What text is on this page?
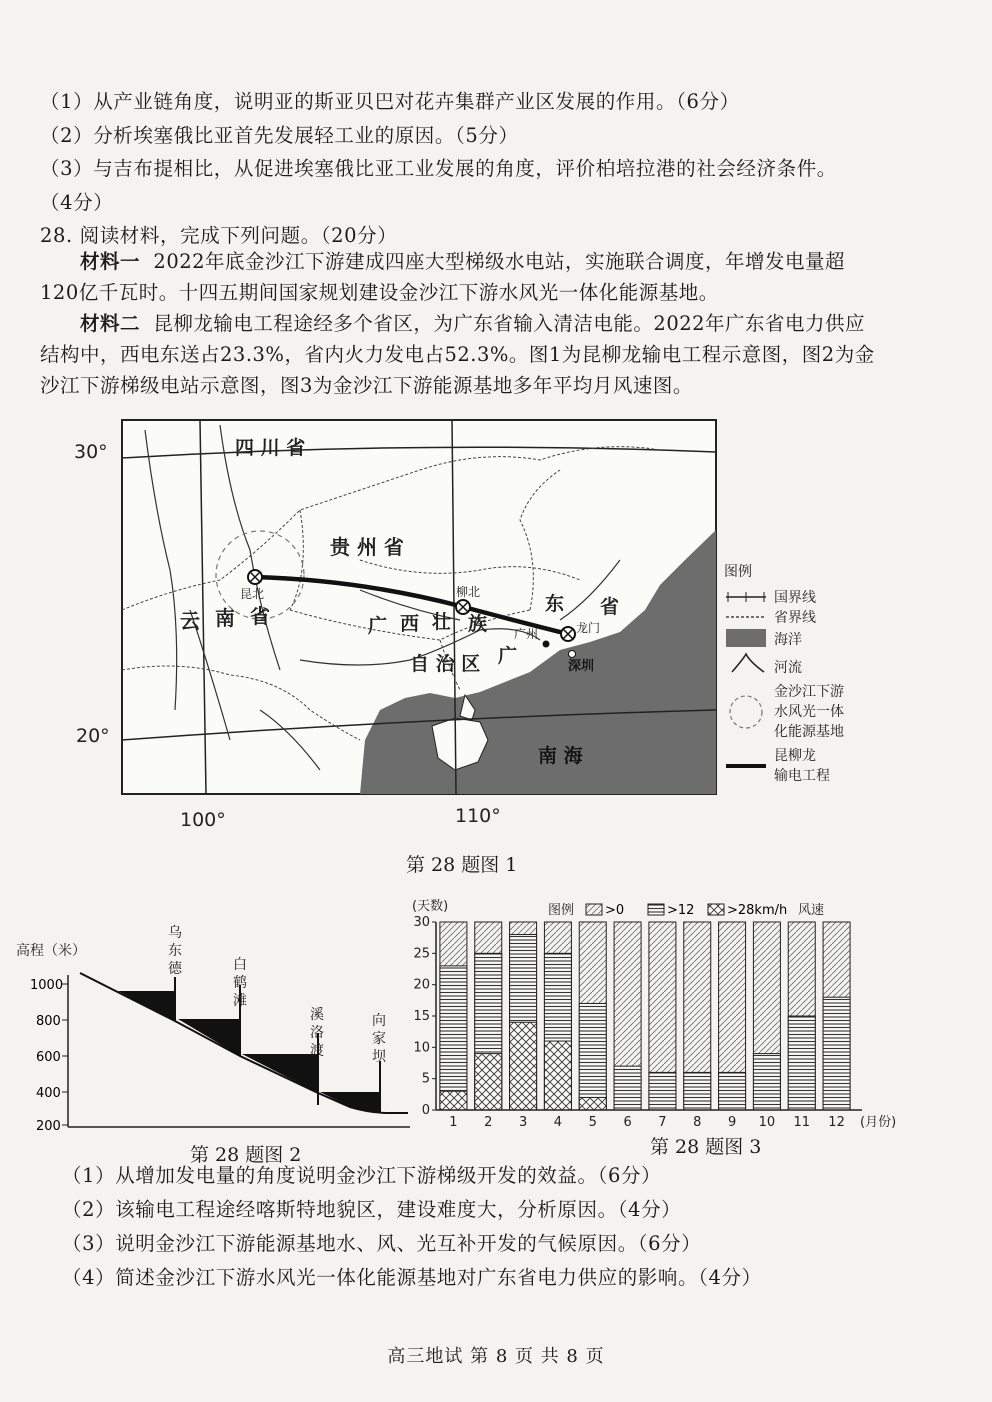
（1）从产业链角度，说明亚的斯亚贝巴对花卉集群产业区发展的作用。（6分）
（2）分析埃塞俄比亚首先发展轻工业的原因。（5分）
（3）与吉布提相比，从促进埃塞俄比亚工业发展的角度，评价柏培拉港的社会经济条件。
（4分）
28. 阅读材料，完成下列问题。（20分）
材料一 2022年底金沙江下游建成四座大型梯级水电站，实施联合调度，年增发电量超120亿千瓦时。十四五期间国家规划建设金沙江下游水风光一体化能源基地。
材料二 昆柳龙输电工程途经多个省区，为广东省输入清洁电能。2022年广东省电力供应结构中，西电东送占23.3%，省内火力发电占52.3%。图1为昆柳龙输电工程示意图，图2为金沙江下游梯级电站示意图，图3为金沙江下游能源基地多年平均月风速图。
30°
20°
100°	110°
四 川 省
贵 州 省
云 南 省	广 西 壮 族
自 治 区 广
东 省
南 海
昆北	柳北
龙门
广州
深圳
图例
国界线
省界线
海洋
河流
金沙江下游
水风光一体
化能源基地
昆柳龙
输电工程
第 28 题图 1
高程（米）
1000
800
600
400
200
乌
东
德	白
鹤
滩
溪
洛
渡
向
家
坝
第 28 题图 2
(天数)	图例 >0	>12	>28km/h 风速
0
5
10
15
20
25
30
1 2 3 4 5 6 7 8 9 10 11 12 (月份)
第 28 题图 3
（1）从增加发电量的角度说明金沙江下游梯级开发的效益。（6分）
（2）该输电工程途经喀斯特地貌区，建设难度大，分析原因。（4分）
（3）说明金沙江下游能源基地水、风、光互补开发的气候原因。（6分）
（4）简述金沙江下游水风光一体化能源基地对广东省电力供应的影响。（4分）
高三地试 第 8 页 共 8 页
